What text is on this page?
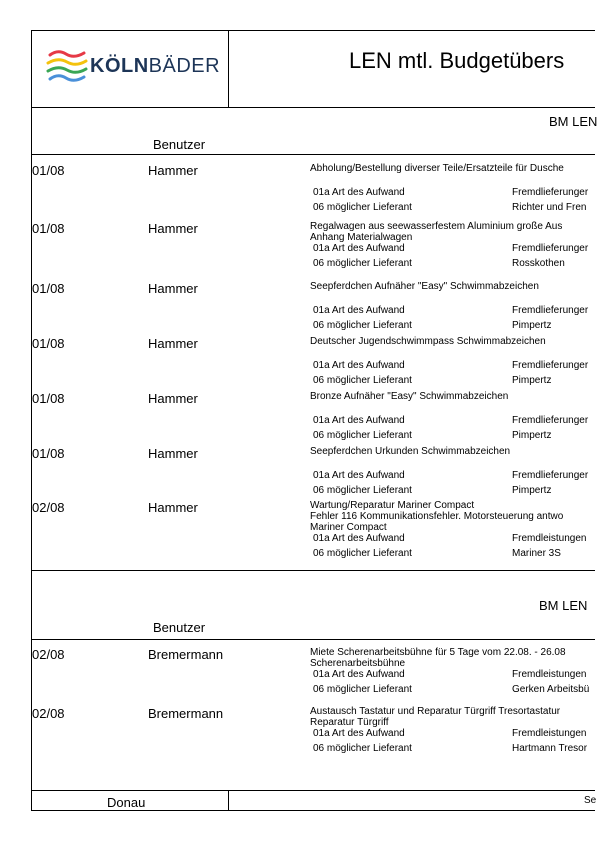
KÖLNBÄDER	LEN mtl. Budgetübers
BM LEN
Benutzer
01/08	Hammer	Abholung/Bestellung diverser Teile/Ersatzteile für Dusche
01a Art des Aufwand	Fremdlieferunger
06 möglicher Lieferant	Richter und Fren
01/08	Hammer	Regalwagen aus seewasserfestem Aluminium große Aus
Anhang Materialwagen
01a Art des Aufwand	Fremdlieferunger
06 möglicher Lieferant	Rosskothen
01/08	Hammer	Seepferdchen Aufnäher "Easy" Schwimmabzeichen
01a Art des Aufwand	Fremdlieferunger
06 möglicher Lieferant	Pimpertz
01/08	Hammer	Deutscher Jugendschwimmpass Schwimmabzeichen
01a Art des Aufwand	Fremdlieferunger
06 möglicher Lieferant	Pimpertz
01/08	Hammer	Bronze Aufnäher "Easy" Schwimmabzeichen
01a Art des Aufwand	Fremdlieferunger
06 möglicher Lieferant	Pimpertz
01/08	Hammer	Seepferdchen Urkunden Schwimmabzeichen
01a Art des Aufwand	Fremdlieferunger
06 möglicher Lieferant	Pimpertz
02/08	Hammer	Wartung/Reparatur Mariner Compact
Fehler 116 Kommunikationsfehler. Motorsteuerung antwo
Mariner Compact
01a Art des Aufwand	Fremdleistungen
06 möglicher Lieferant	Mariner 3S
BM LEN
Benutzer
02/08	Bremermann	Miete Scherenarbeitsbühne für 5 Tage vom 22.08. - 26.08
Scherenarbeitsbühne
01a Art des Aufwand	Fremdleistungen
06 möglicher Lieferant	Gerken Arbeitsbü
02/08	Bremermann	Austausch Tastatur und Reparatur Türgriff Tresortastatur
Reparatur Türgriff
01a Art des Aufwand	Fremdleistungen
06 möglicher Lieferant	Hartmann Tresor
Donau	Se
